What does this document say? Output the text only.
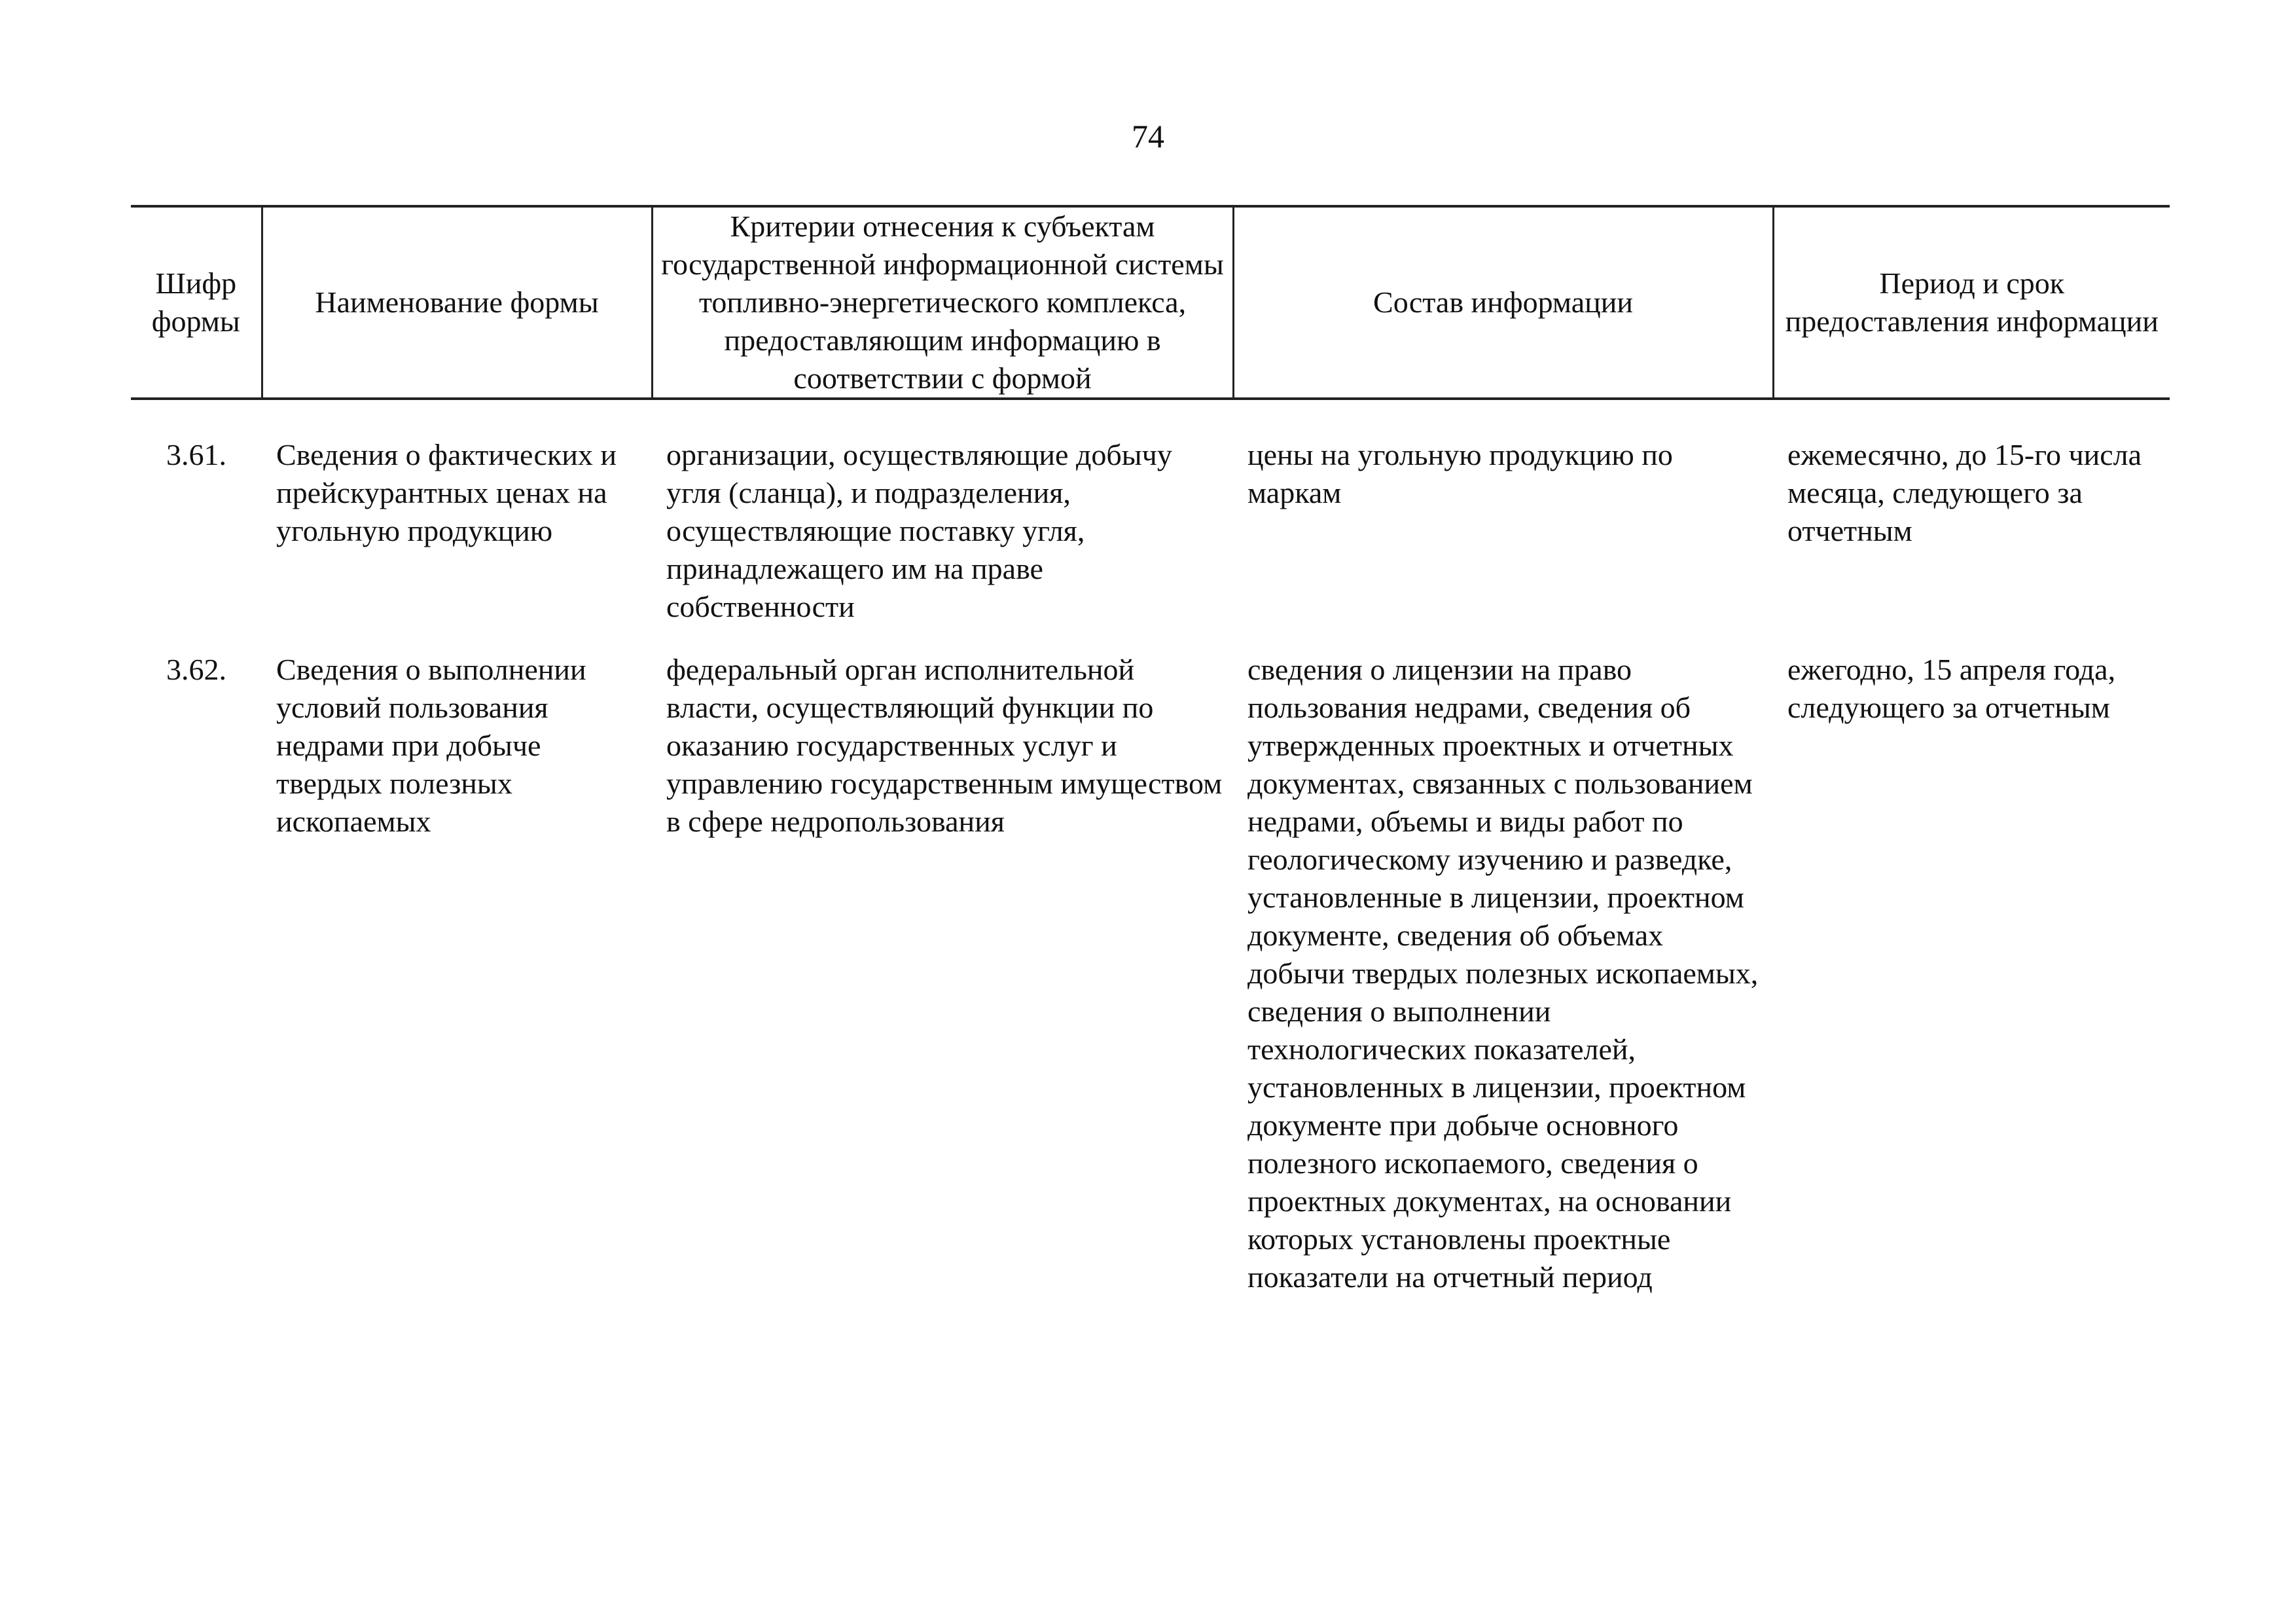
74
Шифр формы	Наименование формы	Критерии отнесения к субъектам государственной информационной системы топливно-энергетического комплекса, предоставляющим информацию в соответствии с формой	Состав информации	Период и срок предоставления информации
3.61.	Сведения о фактических и прейскурантных ценах на угольную продукцию	организации, осуществляющие добычу угля (сланца), и подразделения, осуществляющие поставку угля, принадлежащего им на праве собственности	цены на угольную продукцию по маркам	ежемесячно, до 15-го числа месяца, следующего за отчетным
3.62.	Сведения о выполнении условий пользования недрами при добыче твердых полезных ископаемых	федеральный орган исполнительной власти, осуществляющий функции по оказанию государственных услуг и управлению государственным имуществом в сфере недропользования	сведения о лицензии на право пользования недрами, сведения об утвержденных проектных и отчетных документах, связанных с пользованием недрами, объемы и виды работ по геологическому изучению и разведке, установленные в лицензии, проектном документе, сведения об объемах добычи твердых полезных ископаемых, сведения о выполнении технологических показателей, установленных в лицензии, проектном документе при добыче основного полезного ископаемого, сведения о проектных документах, на основании которых установлены проектные показатели на отчетный период	ежегодно, 15 апреля года, следующего за отчетным
